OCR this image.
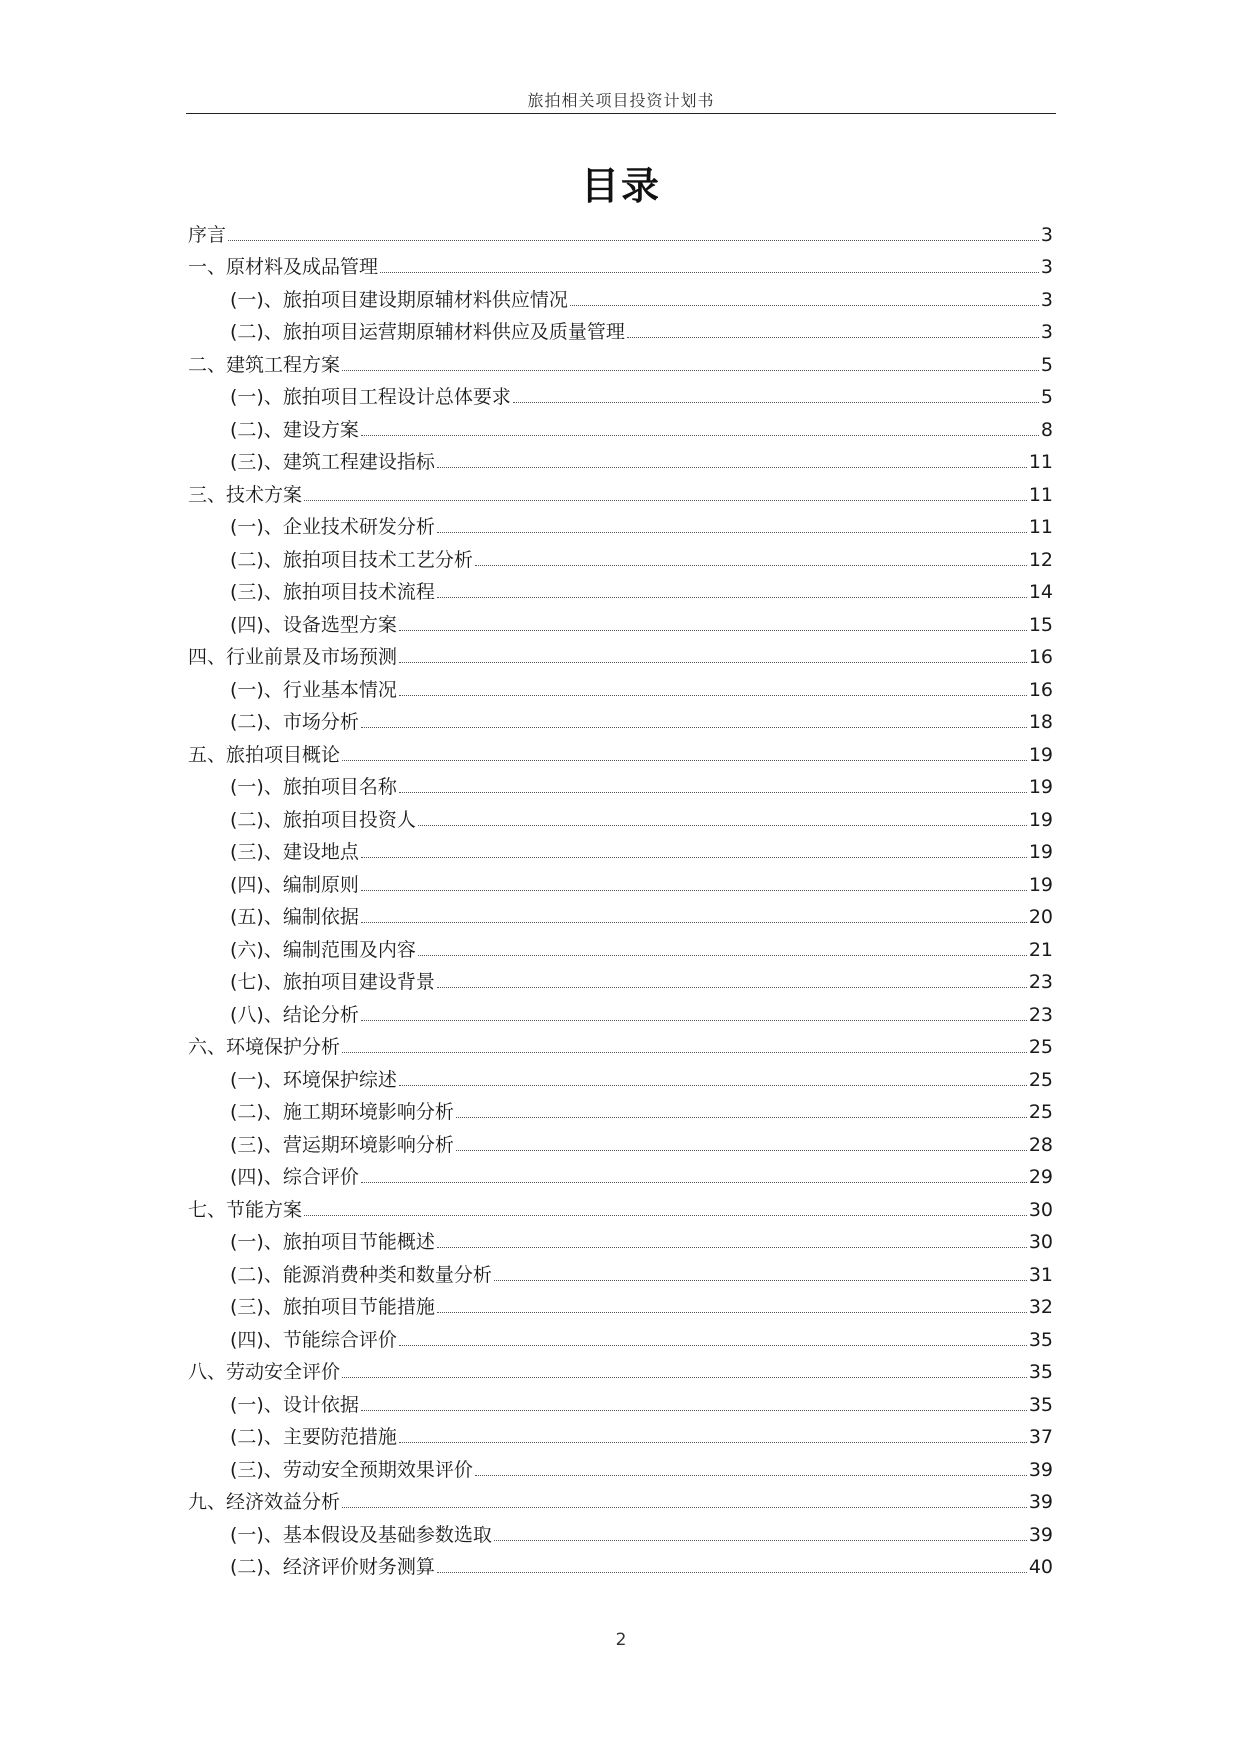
旅拍相关项目投资计划书
目录
序言	3
一、原材料及成品管理	3
(一)、旅拍项目建设期原辅材料供应情况	3
(二)、旅拍项目运营期原辅材料供应及质量管理	3
二、建筑工程方案	5
(一)、旅拍项目工程设计总体要求	5
(二)、建设方案	8
(三)、建筑工程建设指标	11
三、技术方案	11
(一)、企业技术研发分析	11
(二)、旅拍项目技术工艺分析	12
(三)、旅拍项目技术流程	14
(四)、设备选型方案	15
四、行业前景及市场预测	16
(一)、行业基本情况	16
(二)、市场分析	18
五、旅拍项目概论	19
(一)、旅拍项目名称	19
(二)、旅拍项目投资人	19
(三)、建设地点	19
(四)、编制原则	19
(五)、编制依据	20
(六)、编制范围及内容	21
(七)、旅拍项目建设背景	23
(八)、结论分析	23
六、环境保护分析	25
(一)、环境保护综述	25
(二)、施工期环境影响分析	25
(三)、营运期环境影响分析	28
(四)、综合评价	29
七、节能方案	30
(一)、旅拍项目节能概述	30
(二)、能源消费种类和数量分析	31
(三)、旅拍项目节能措施	32
(四)、节能综合评价	35
八、劳动安全评价	35
(一)、设计依据	35
(二)、主要防范措施	37
(三)、劳动安全预期效果评价	39
九、经济效益分析	39
(一)、基本假设及基础参数选取	39
(二)、经济评价财务测算	40
2
